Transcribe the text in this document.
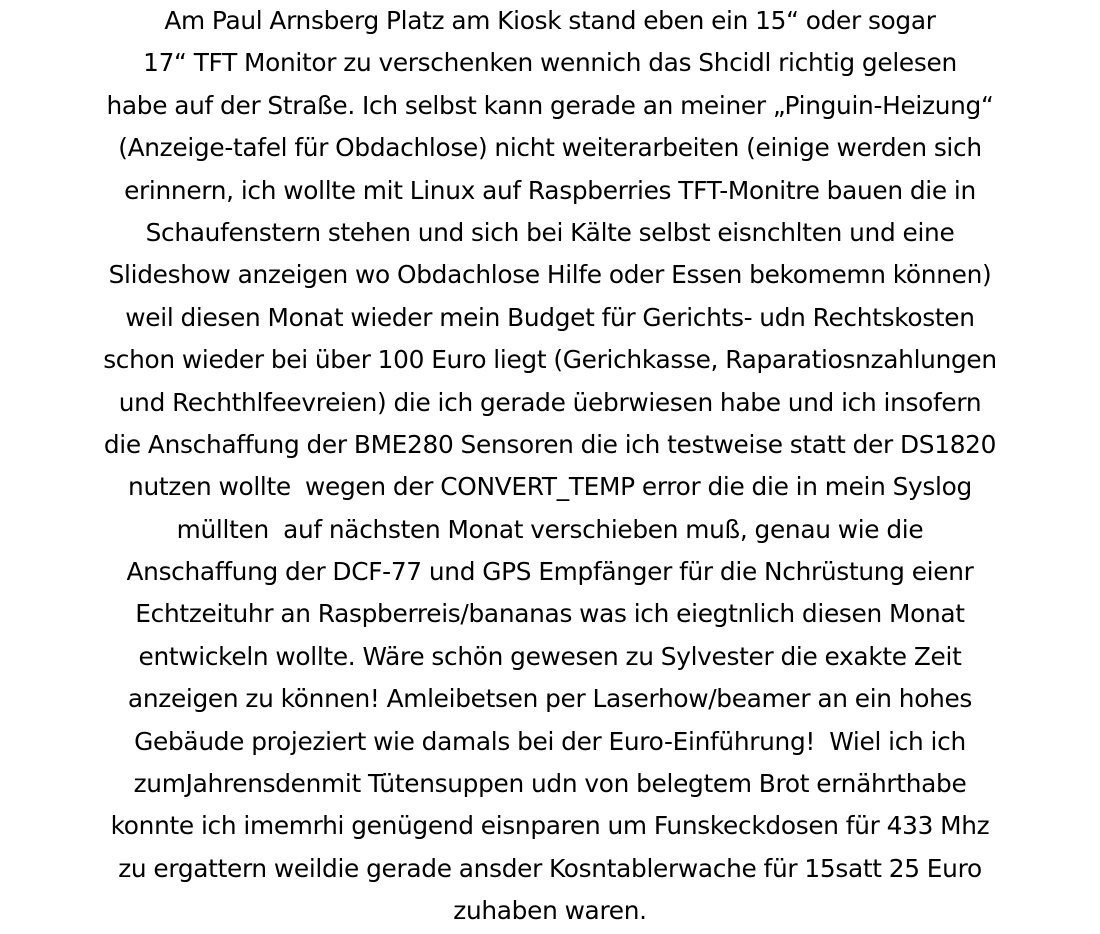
Am Paul Arnsberg Platz am Kiosk stand eben ein 15“ oder sogar
17“ TFT Monitor zu verschenken wennich das Shcidl richtig gelesen
habe auf der Straße. Ich selbst kann gerade an meiner „Pinguin-Heizung“
(Anzeige-tafel für Obdachlose) nicht weiterarbeiten (einige werden sich
erinnern, ich wollte mit Linux auf Raspberries TFT-Monitre bauen die in
Schaufenstern stehen und sich bei Kälte selbst eisnchlten und eine
Slideshow anzeigen wo Obdachlose Hilfe oder Essen bekomemn können)
weil diesen Monat wieder mein Budget für Gerichts- udn Rechtskosten
schon wieder bei über 100 Euro liegt (Gerichkasse, Raparatiosnzahlungen
und Rechthlfeevreien) die ich gerade üebrwiesen habe und ich insofern
die Anschaffung der BME280 Sensoren die ich testweise statt der DS1820
nutzen wollte  wegen der CONVERT_TEMP error die die in mein Syslog
müllten  auf nächsten Monat verschieben muß, genau wie die
Anschaffung der DCF-77 und GPS Empfänger für die Nchrüstung eienr
Echtzeituhr an Raspberreis/bananas was ich eiegtnlich diesen Monat
entwickeln wollte. Wäre schön gewesen zu Sylvester die exakte Zeit
anzeigen zu können! Amleibetsen per Laserhow/beamer an ein hohes
Gebäude projeziert wie damals bei der Euro-Einführung!  Wiel ich ich
zumJahrensdenmit Tütensuppen udn von belegtem Brot ernährthabe
konnte ich imemrhi genügend eisnparen um Funskeckdosen für 433 Mhz
zu ergattern weildie gerade ansder Kosntablerwache für 15satt 25 Euro
zuhaben waren.
